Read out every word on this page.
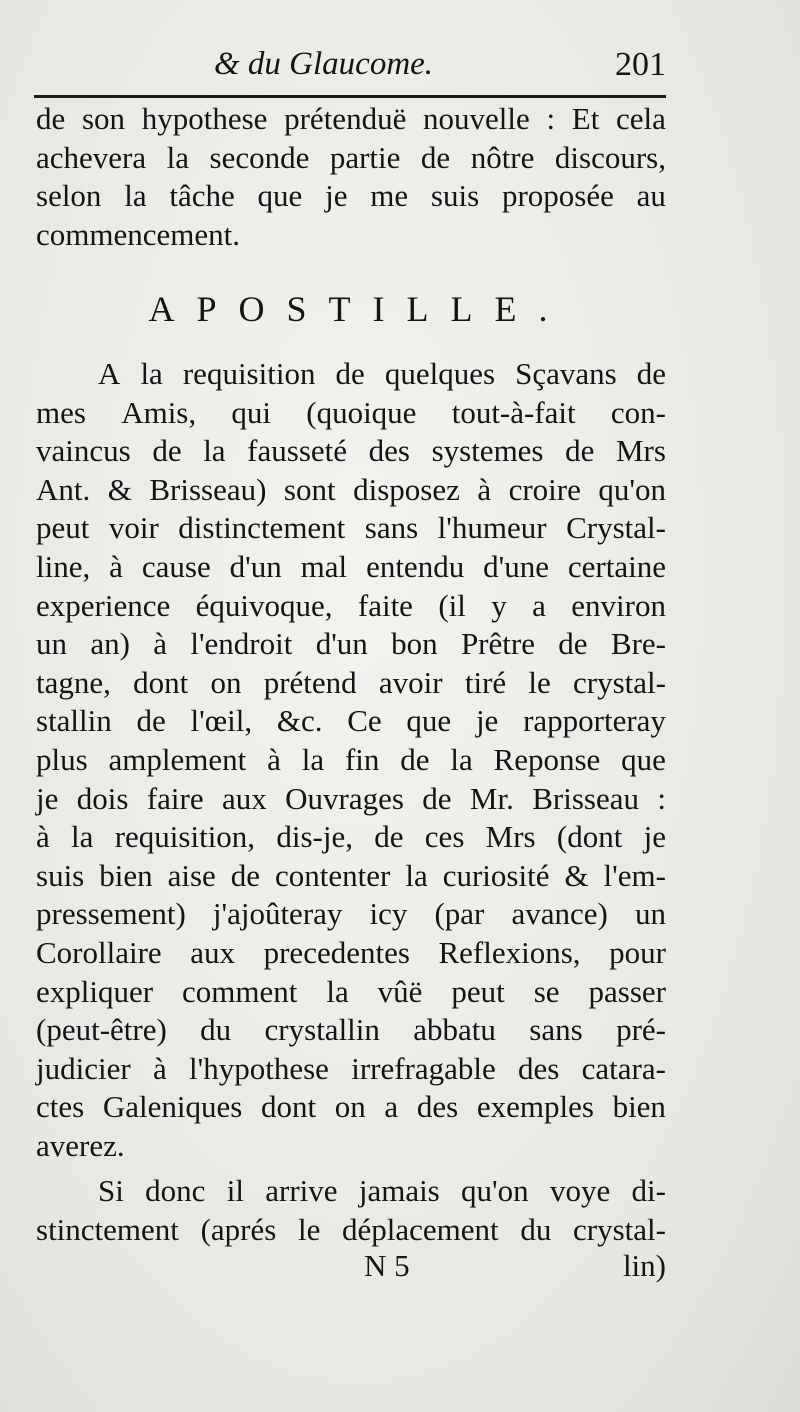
& du Glaucome.	201
de son hypothese prétenduë nouvelle : Et cela
achevera la seconde partie de nôtre discours,
selon la tâche que je me suis proposée au
commencement.
APOSTILLE.
A la requisition de quelques Sçavans de
mes Amis, qui (quoique tout-à-fait con-
vaincus de la fausseté des systemes de Mrs
Ant. & Brisseau) sont disposez à croire qu'on
peut voir distinctement sans l'humeur Crystal-
line, à cause d'un mal entendu d'une certaine
experience équivoque, faite (il y a environ
un an) à l'endroit d'un bon Prêtre de Bre-
tagne, dont on prétend avoir tiré le crystal-
stallin de l'œil, &c. Ce que je rapporteray
plus amplement à la fin de la Reponse que
je dois faire aux Ouvrages de Mr. Brisseau :
à la requisition, dis-je, de ces Mrs (dont je
suis bien aise de contenter la curiosité & l'em-
pressement) j'ajoûteray icy (par avance) un
Corollaire aux precedentes Reflexions, pour
expliquer comment la vûë peut se passer
(peut-être) du crystallin abbatu sans pré-
judicier à l'hypothese irrefragable des catara-
ctes Galeniques dont on a des exemples bien
averez.
Si donc il arrive jamais qu'on voye di-
stinctement (aprés le déplacement du crystal-
N 5	lin)
